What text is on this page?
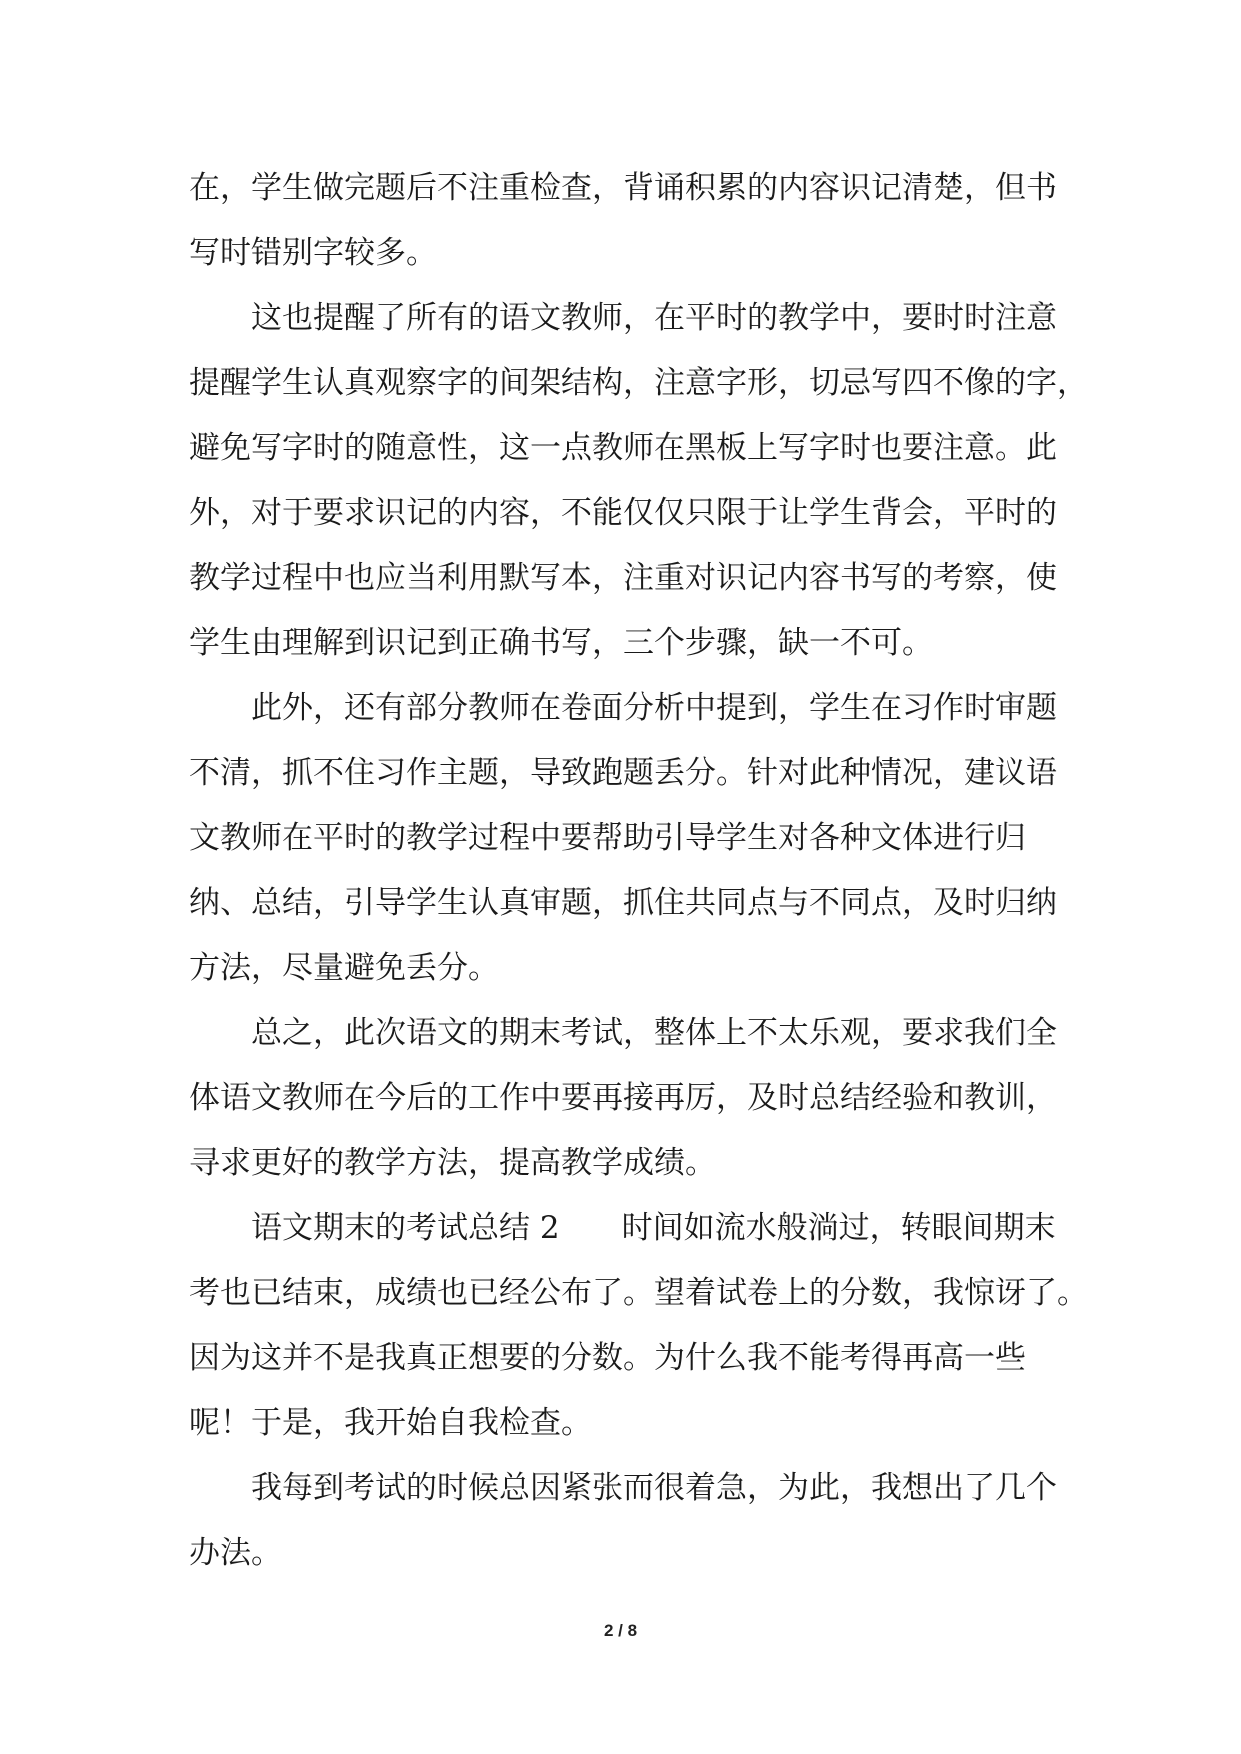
在，学生做完题后不注重检查，背诵积累的内容识记清楚，但书
写时错别字较多。
这也提醒了所有的语文教师，在平时的教学中，要时时注意
提醒学生认真观察字的间架结构，注意字形，切忌写四不像的字，
避免写字时的随意性，这一点教师在黑板上写字时也要注意。此
外，对于要求识记的内容，不能仅仅只限于让学生背会，平时的
教学过程中也应当利用默写本，注重对识记内容书写的考察，使
学生由理解到识记到正确书写，三个步骤，缺一不可。
此外，还有部分教师在卷面分析中提到，学生在习作时审题
不清，抓不住习作主题，导致跑题丢分。针对此种情况，建议语
文教师在平时的教学过程中要帮助引导学生对各种文体进行归
纳、总结，引导学生认真审题，抓住共同点与不同点，及时归纳
方法，尽量避免丢分。
总之，此次语文的期末考试，整体上不太乐观，要求我们全
体语文教师在今后的工作中要再接再厉，及时总结经验和教训，
寻求更好的教学方法，提高教学成绩。
语文期末的考试总结 2 时间如流水般淌过，转眼间期末
考也已结束，成绩也已经公布了。望着试卷上的分数，我惊讶了。
因为这并不是我真正想要的分数。为什么我不能考得再高一些
呢！于是，我开始自我检查。
我每到考试的时候总因紧张而很着急，为此，我想出了几个
办法。
2 / 8
